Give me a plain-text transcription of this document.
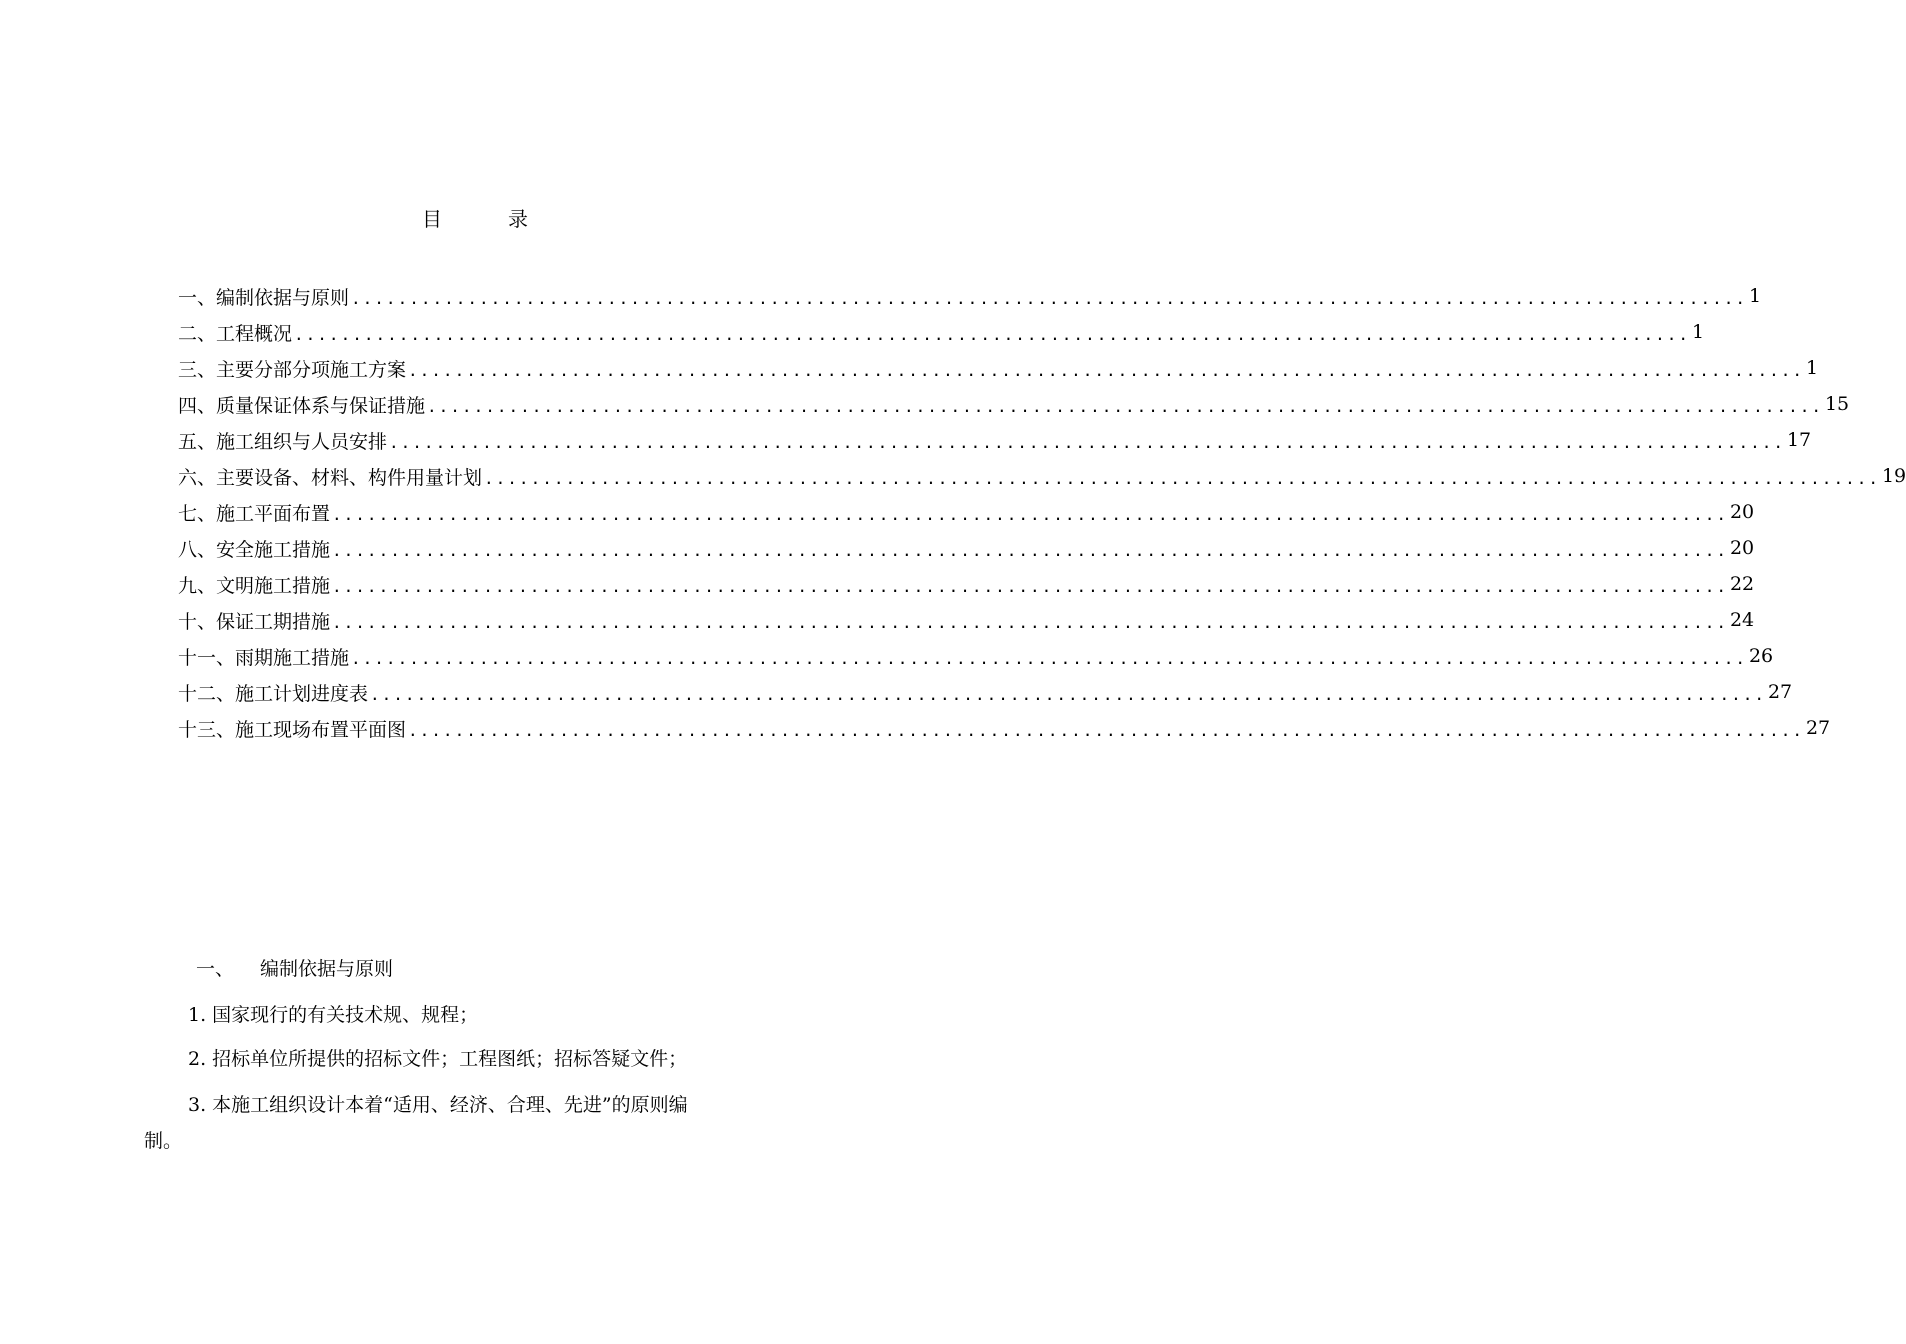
目	录
一、 编制依据与原则 ........................................................................................................................ 1
二、 工程概况 ........................................................................................................................ 1
三、 主要分部分项施工方案 ........................................................................................................................ 1
四、 质量保证体系与保证措施 ........................................................................................................................ 15
五、 施工组织与人员安排 ........................................................................................................................ 17
六、 主要设备、材料、构件用量计划 ........................................................................................................................ 19
七、 施工平面布置 ........................................................................................................................ 20
八、 安全施工措施 ........................................................................................................................ 20
九、 文明施工措施 ........................................................................................................................ 22
十、 保证工期措施 ........................................................................................................................ 24
十一、 雨期施工措施 ........................................................................................................................ 26
十二、 施工计划进度表 ........................................................................................................................ 27
十三、 施工现场布置平面图 ........................................................................................................................ 27
一、 编制依据与原则
1. 国家现行的有关技术规、规程；
2. 招标单位所提供的招标文件；工程图纸；招标答疑文件；
3. 本施工组织设计本着“适用、经济、合理、先进”的原则编
制。
